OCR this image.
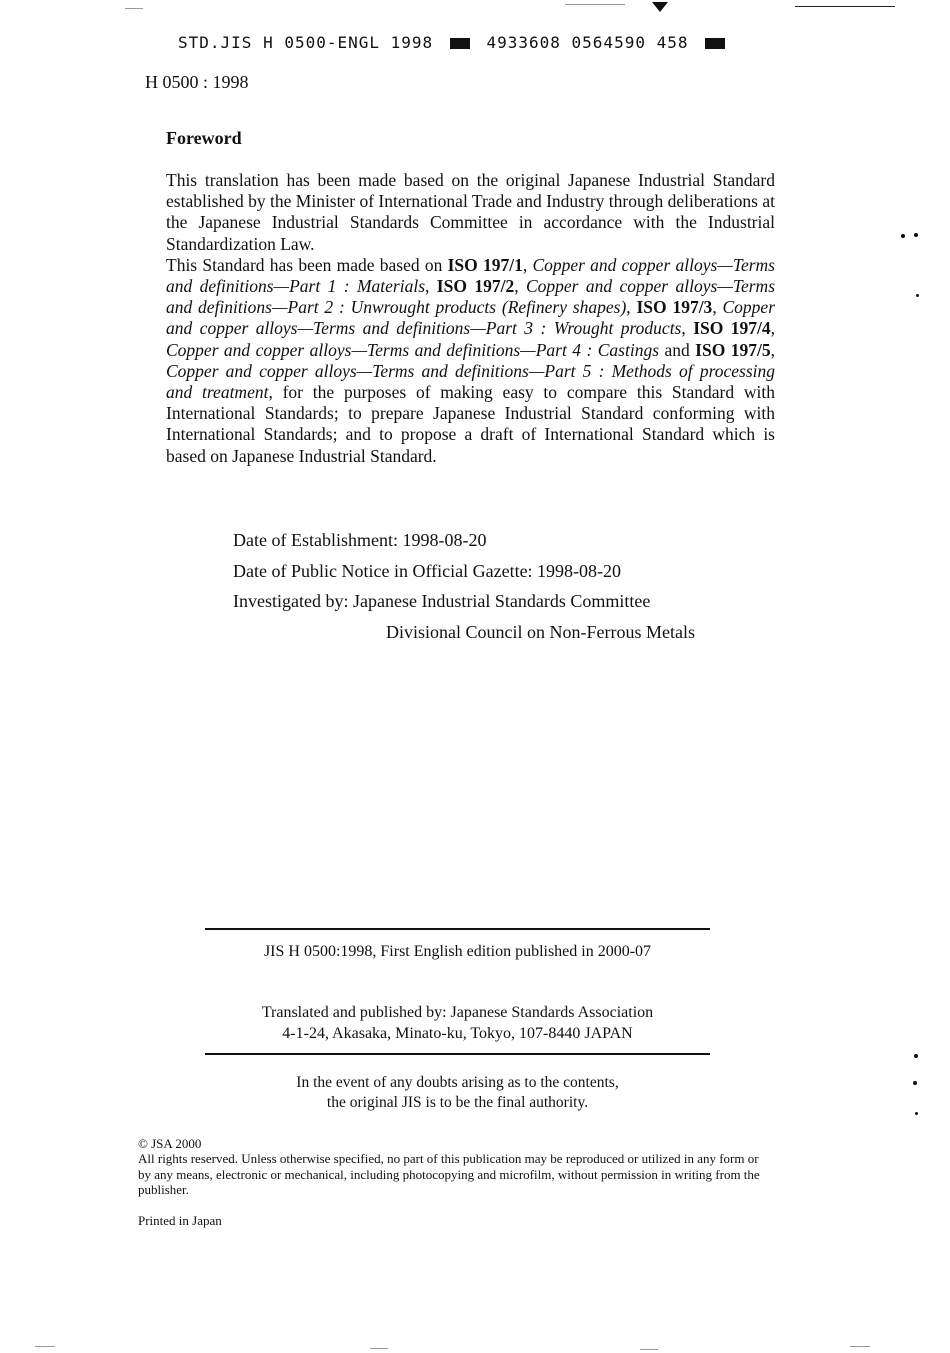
STD.JIS H 0500-ENGL 1998	4933608 0564590 458
H 0500 : 1998
Foreword

This translation has been made based on the original Japanese Industrial Standard established by the Minister of International Trade and Industry through deliberations at the Japanese Industrial Standards Committee in accordance with the Industrial Standardization Law.

This Standard has been made based on ISO 197/1, Copper and copper alloys—Terms and definitions—Part 1 : Materials, ISO 197/2, Copper and copper alloys—Terms and definitions—Part 2 : Unwrought products (Refinery shapes), ISO 197/3, Copper and copper alloys—Terms and definitions—Part 3 : Wrought products, ISO 197/4, Copper and copper alloys—Terms and definitions—Part 4 : Castings and ISO 197/5, Copper and copper alloys—Terms and definitions—Part 5 : Methods of processing and treatment, for the purposes of making easy to compare this Standard with International Standards; to prepare Japanese Industrial Standard conforming with International Standards; and to propose a draft of International Standard which is based on Japanese Industrial Standard.

Date of Establishment: 1998-08-20
Date of Public Notice in Official Gazette: 1998-08-20
Investigated by: Japanese Industrial Standards Committee
Divisional Council on Non-Ferrous Metals
JIS H 0500:1998, First English edition published in 2000-07
Translated and published by: Japanese Standards Association
4-1-24, Akasaka, Minato-ku, Tokyo, 107-8440 JAPAN
In the event of any doubts arising as to the contents,
the original JIS is to be the final authority.

© JSA 2000

All rights reserved. Unless otherwise specified, no part of this publication may be reproduced or utilized in any form or by any means, electronic or mechanical, including photocopying and microfilm, without permission in writing from the publisher.

Printed in Japan
